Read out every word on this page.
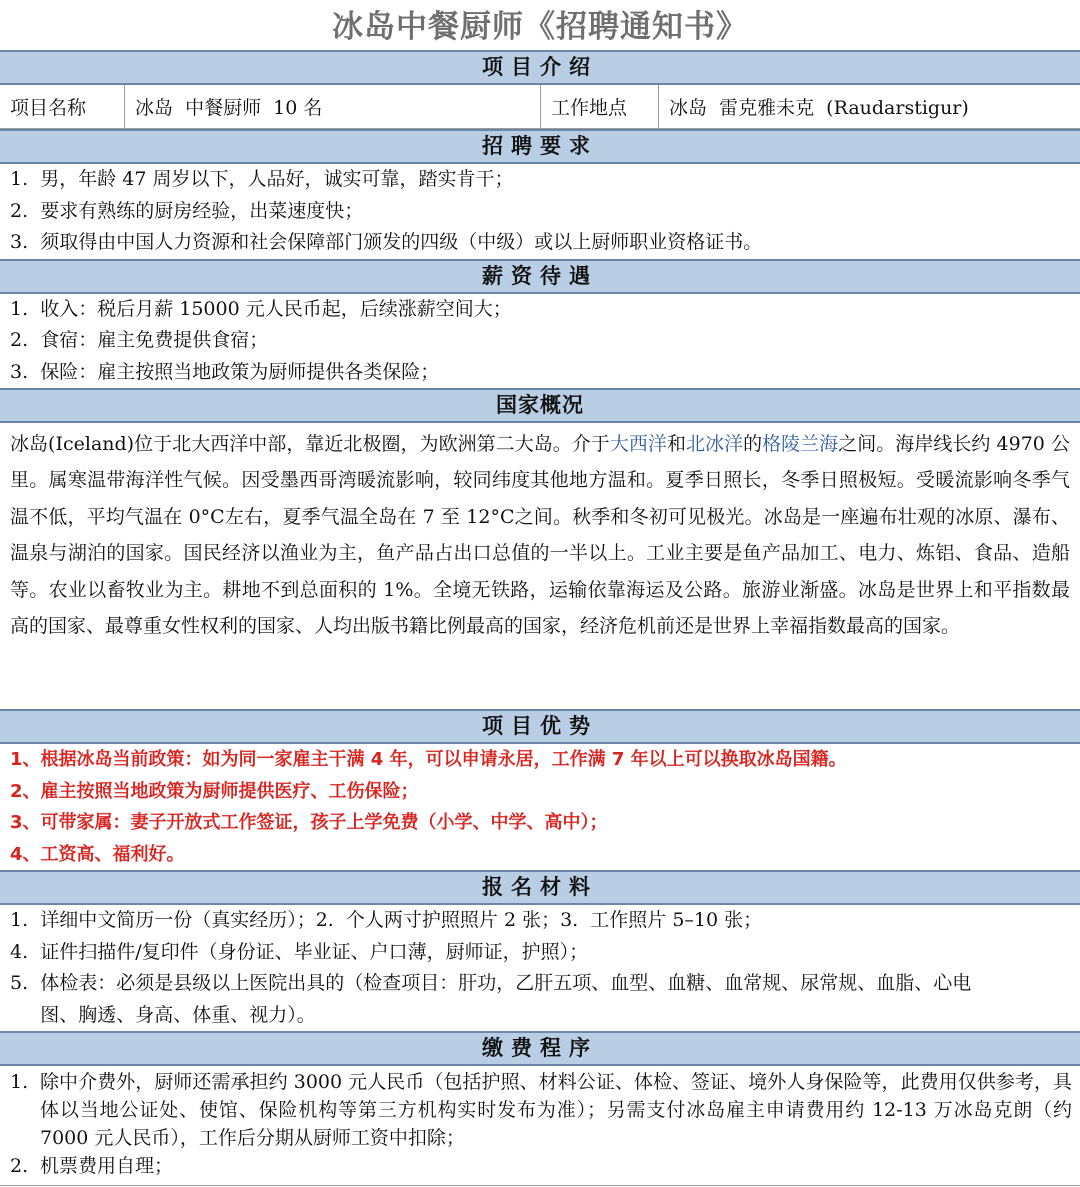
冰岛中餐厨师《招聘通知书》
项目介绍
项目名称	冰岛  中餐厨师  10 名	工作地点	冰岛  雷克雅未克  (Raudarstigur)
招聘要求
1.  男，年龄 47 周岁以下，人品好，诚实可靠，踏实肯干；
2.  要求有熟练的厨房经验，出菜速度快；
3.  须取得由中国人力资源和社会保障部门颁发的四级（中级）或以上厨师职业资格证书。
薪资待遇
1.  收入：税后月薪 15000 元人民币起，后续涨薪空间大；
2.  食宿：雇主免费提供食宿；
3.  保险：雇主按照当地政策为厨师提供各类保险；
国家概况
冰岛(Iceland)位于北大西洋中部，靠近北极圈，为欧洲第二大岛。介于大西洋和北冰洋的格陵兰海之间。海岸线长约 4970 公里。属寒温带海洋性气候。因受墨西哥湾暖流影响，较同纬度其他地方温和。夏季日照长，冬季日照极短。受暖流影响冬季气温不低，平均气温在 0°C左右，夏季气温全岛在 7 至 12°C之间。秋季和冬初可见极光。冰岛是一座遍布壮观的冰原、瀑布、温泉与湖泊的国家。国民经济以渔业为主，鱼产品占出口总值的一半以上。工业主要是鱼产品加工、电力、炼铝、食品、造船等。农业以畜牧业为主。耕地不到总面积的 1%。全境无铁路，运输依靠海运及公路。旅游业渐盛。冰岛是世界上和平指数最高的国家、最尊重女性权利的国家、人均出版书籍比例最高的国家，经济危机前还是世界上幸福指数最高的国家。
项目优势
1、根据冰岛当前政策：如为同一家雇主干满 4 年，可以申请永居，工作满 7 年以上可以换取冰岛国籍。
2、雇主按照当地政策为厨师提供医疗、工伤保险；
3、可带家属：妻子开放式工作签证，孩子上学免费（小学、中学、高中）；
4、工资高、福利好。
报名材料
1.  详细中文简历一份（真实经历）；2.  个人两寸护照照片 2 张；3.  工作照片 5–10 张；
4.  证件扫描件/复印件（身份证、毕业证、户口薄，厨师证，护照）；
5.  体检表：必须是县级以上医院出具的（检查项目：肝功，乙肝五项、血型、血糖、血常规、尿常规、血脂、心电
图、胸透、身高、体重、视力）。
缴费程序
1. 除中介费外，厨师还需承担约 3000 元人民币（包括护照、材料公证、体检、签证、境外人身保险等，此费用仅供参考，具体以当地公证处、使馆、保险机构等第三方机构实时发布为准）；另需支付冰岛雇主申请费用约 12-13 万冰岛克朗（约 7000 元人民币），工作后分期从厨师工资中扣除；
2. 机票费用自理；
